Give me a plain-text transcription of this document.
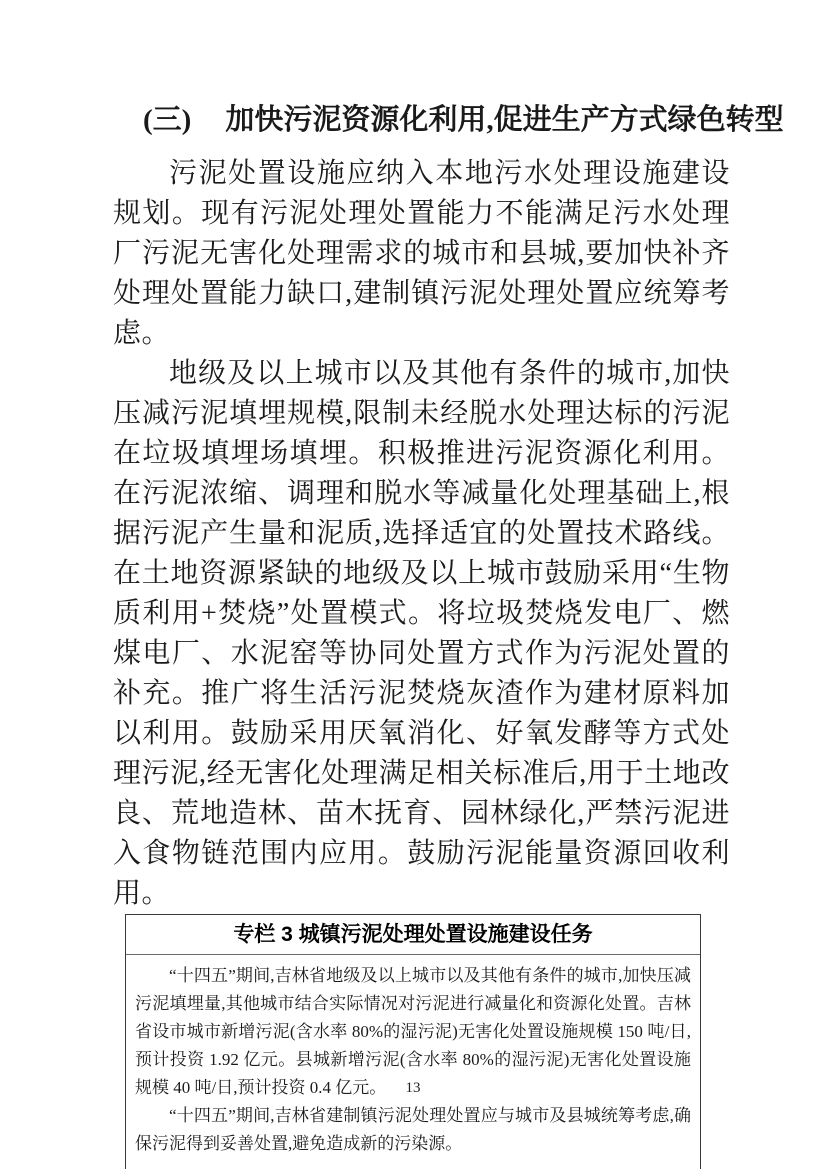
(三) 加快污泥资源化利用,促进生产方式绿色转型

污泥处置设施应纳入本地污水处理设施建设规划。现有污泥处理处置能力不能满足污水处理厂污泥无害化处理需求的城市和县城,要加快补齐处理处置能力缺口,建制镇污泥处理处置应统筹考虑。

地级及以上城市以及其他有条件的城市,加快压减污泥填埋规模,限制未经脱水处理达标的污泥在垃圾填埋场填埋。积极推进污泥资源化利用。在污泥浓缩、调理和脱水等减量化处理基础上,根据污泥产生量和泥质,选择适宜的处置技术路线。在土地资源紧缺的地级及以上城市鼓励采用“生物质利用+焚烧”处置模式。将垃圾焚烧发电厂、燃煤电厂、水泥窑等协同处置方式作为污泥处置的补充。推广将生活污泥焚烧灰渣作为建材原料加以利用。鼓励采用厌氧消化、好氧发酵等方式处理污泥,经无害化处理满足相关标准后,用于土地改良、荒地造林、苗木抚育、园林绿化,严禁污泥进入食物链范围内应用。鼓励污泥能量资源回收利用。

专栏 3 城镇污泥处理处置设施建设任务

“十四五”期间,吉林省地级及以上城市以及其他有条件的城市,加快压减污泥填埋量,其他城市结合实际情况对污泥进行减量化和资源化处置。吉林省设市城市新增污泥(含水率 80%的湿污泥)无害化处置设施规模 150 吨/日,预计投资 1.92 亿元。县城新增污泥(含水率 80%的湿污泥)无害化处置设施规模 40 吨/日,预计投资 0.4 亿元。

“十四五”期间,吉林省建制镇污泥处理处置应与城市及县城统筹考虑,确保污泥得到妥善处置,避免造成新的污染源。

13
